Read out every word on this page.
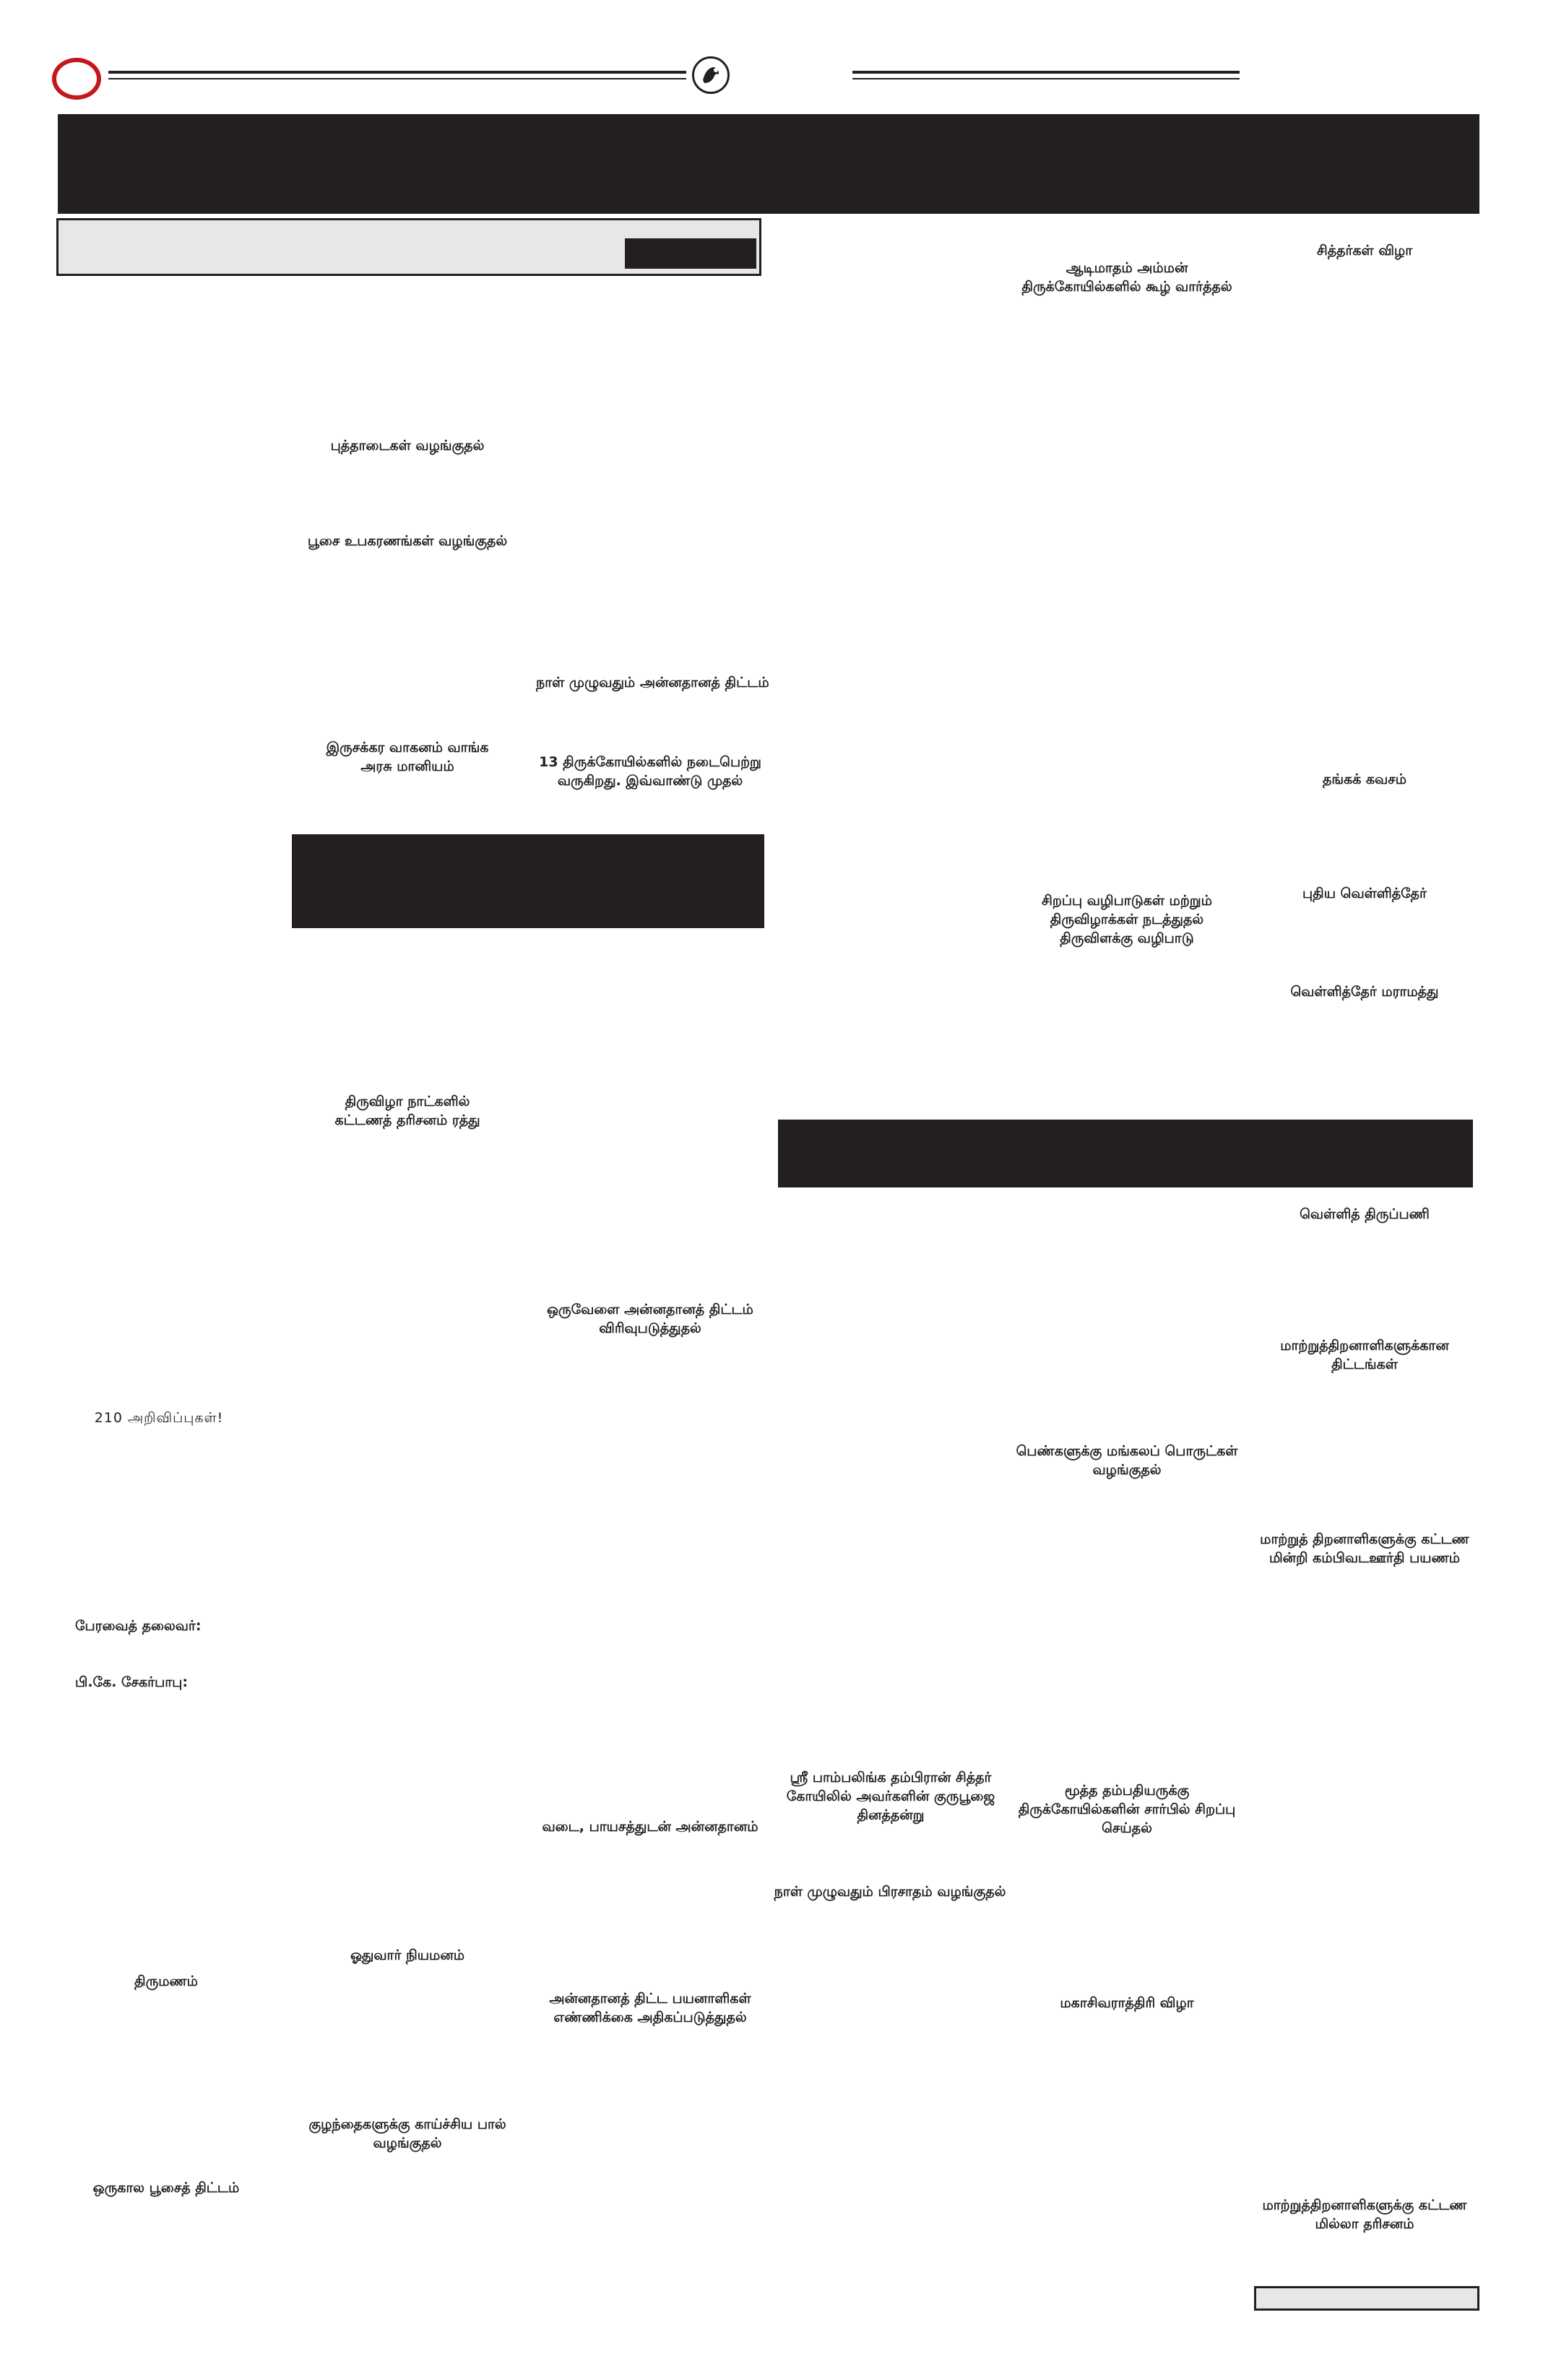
210 அறிவிப்புகள்!
பேரவைத் தலைவர்:
பி.கே. சேகர்பாபு:
திருமணம்
ஒருகால பூசைத் திட்டம்
புத்தாடைகள் வழங்குதல்
பூசை உபகரணங்கள் வழங்குதல்
இருசக்கர வாகனம் வாங்க
அரசு மானியம்
திருவிழா நாட்களில்
கட்டணத் தரிசனம் ரத்து
ஓதுவார் நியமனம்
குழந்தைகளுக்கு காய்ச்சிய பால்
வழங்குதல்
நாள் முழுவதும் அன்னதானத் திட்டம்
13 திருக்கோயில்களில் நடைபெற்று
வருகிறது. இவ்வாண்டு முதல்
ஒருவேளை அன்னதானத் திட்டம்
விரிவுபடுத்துதல்
வடை, பாயசத்துடன் அன்னதானம்
அன்னதானத் திட்ட பயனாளிகள்
எண்ணிக்கை அதிகப்படுத்துதல்
ஸ்ரீ பாம்பலிங்க தம்பிரான் சித்தர்
கோயிலில் அவர்களின் குருபூஜை
தினத்தன்று
நாள் முழுவதும் பிரசாதம் வழங்குதல்
ஆடிமாதம் அம்மன்
திருக்கோயில்களில் கூழ் வார்த்தல்
சிறப்பு வழிபாடுகள் மற்றும்
திருவிழாக்கள் நடத்துதல்
திருவிளக்கு வழிபாடு
பெண்களுக்கு மங்கலப் பொருட்கள்
வழங்குதல்
மூத்த தம்பதியருக்கு
திருக்கோயில்களின் சார்பில் சிறப்பு
செய்தல்
மகாசிவராத்திரி விழா
சித்தர்கள் விழா
தங்கக் கவசம்
புதிய வெள்ளித்தேர்
வெள்ளித்தேர் மராமத்து
வெள்ளித் திருப்பணி
மாற்றுத்திறனாளிகளுக்கான
திட்டங்கள்
மாற்றுத் திறனாளிகளுக்கு கட்டண
மின்றி கம்பிவடஊர்தி பயணம்
மாற்றுத்திறனாளிகளுக்கு கட்டண
மில்லா தரிசனம்
